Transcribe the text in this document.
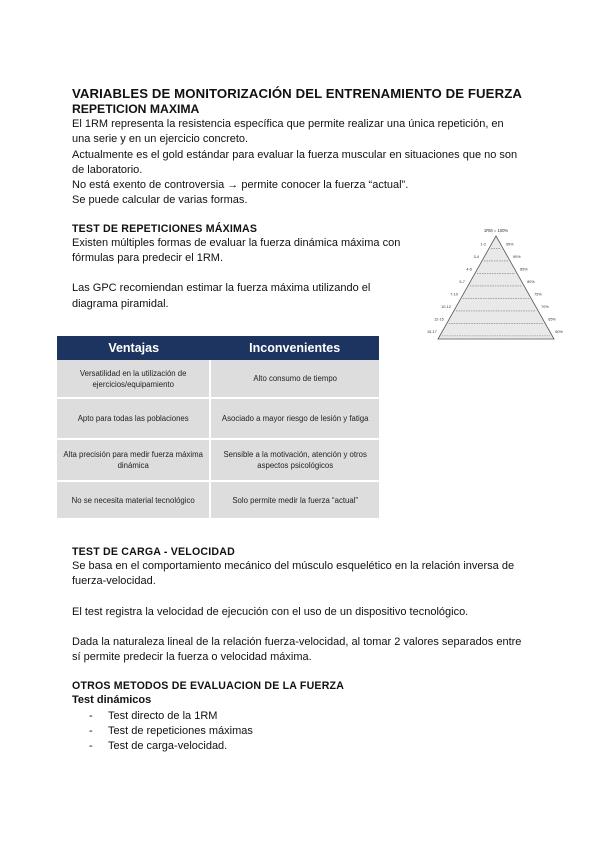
VARIABLES DE MONITORIZACIÓN DEL ENTRENAMIENTO DE FUERZA

REPETICION MAXIMA

El 1RM representa la resistencia específica que permite realizar una única repetición, en

una serie y en un ejercicio concreto.

Actualmente es el gold estándar para evaluar la fuerza muscular en situaciones que no son

de laboratorio.

No está exento de controversia → permite conocer la fuerza “actual”.

Se puede calcular de varias formas.

TEST DE REPETICIONES MÁXIMAS

Existen múltiples formas de evaluar la fuerza dinámica máxima con

fórmulas para predecir el 1RM.

Las GPC recomiendan estimar la fuerza máxima utilizando el

diagrama piramidal.

1RM = 100%
1-2	95%
3-4	90%
4-5	85%
5-7	80%
7-10	75%
10-12	70%
12-15	65%
15-17	60%
Ventajas	Inconvenientes
Versatilidad en la utilización de ejercicios/equipamiento	Alto consumo de tiempo
Apto para todas las poblaciones	Asociado a mayor riesgo de lesión y fatiga
Alta precisión para medir fuerza máxima dinámica	Sensible a la motivación, atención y otros aspectos psicológicos
No se necesita material tecnológico	Solo permite medir la fuerza “actual”

TEST DE CARGA - VELOCIDAD

Se basa en el comportamiento mecánico del músculo esquelético en la relación inversa de

fuerza-velocidad.

El test registra la velocidad de ejecución con el uso de un dispositivo tecnológico.

Dada la naturaleza lineal de la relación fuerza-velocidad, al tomar 2 valores separados entre

sí permite predecir la fuerza o velocidad máxima.

OTROS METODOS DE EVALUACION DE LA FUERZA

Test dinámicos

- Test directo de la 1RM
- Test de repeticiones máximas
- Test de carga-velocidad.
